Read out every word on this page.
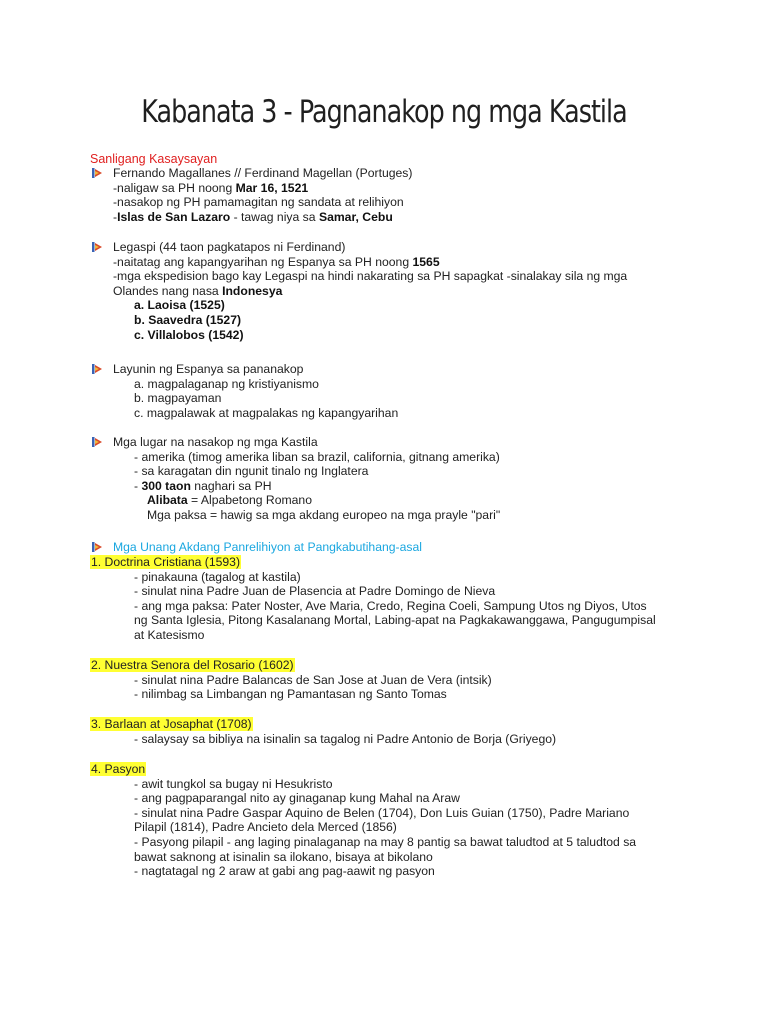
Kabanata 3 - Pagnanakop ng mga Kastila
Sanligang Kasaysayan
Fernando Magallanes // Ferdinand Magellan (Portuges)
-naligaw sa PH noong Mar 16, 1521
-nasakop ng PH pamamagitan ng sandata at relihiyon
-Islas de San Lazaro - tawag niya sa Samar, Cebu
Legaspi (44 taon pagkatapos ni Ferdinand)
-naitatag ang kapangyarihan ng Espanya sa PH noong 1565
-mga ekspedision bago kay Legaspi na hindi nakarating sa PH sapagkat -sinalakay sila ng mga
Olandes nang nasa Indonesya
a. Laoisa (1525)
b. Saavedra (1527)
c. Villalobos (1542)
Layunin ng Espanya sa pananakop
a. magpalaganap ng kristiyanismo
b. magpayaman
c. magpalawak at magpalakas ng kapangyarihan
Mga lugar na nasakop ng mga Kastila
- amerika (timog amerika liban sa brazil, california, gitnang amerika)
- sa karagatan din ngunit tinalo ng Inglatera
- 300 taon naghari sa PH
Alibata = Alpabetong Romano
Mga paksa = hawig sa mga akdang europeo na mga prayle "pari"
Mga Unang Akdang Panrelihiyon at Pangkabutihang-asal
1. Doctrina Cristiana (1593)
- pinakauna (tagalog at kastila)
- sinulat nina Padre Juan de Plasencia at Padre Domingo de Nieva
- ang mga paksa: Pater Noster, Ave Maria, Credo, Regina Coeli, Sampung Utos ng Diyos, Utos
ng Santa Iglesia, Pitong Kasalanang Mortal, Labing-apat na Pagkakawanggawa, Pangugumpisal
at Katesismo
2. Nuestra Senora del Rosario (1602)
- sinulat nina Padre Balancas de San Jose at Juan de Vera (intsik)
- nilimbag sa Limbangan ng Pamantasan ng Santo Tomas
3. Barlaan at Josaphat (1708)
- salaysay sa bibliya na isinalin sa tagalog ni Padre Antonio de Borja (Griyego)
4. Pasyon
- awit tungkol sa bugay ni Hesukristo
- ang pagpaparangal nito ay ginaganap kung Mahal na Araw
- sinulat nina Padre Gaspar Aquino de Belen (1704), Don Luis Guian (1750), Padre Mariano
Pilapil (1814), Padre Ancieto dela Merced (1856)
- Pasyong pilapil - ang laging pinalaganap na may 8 pantig sa bawat taludtod at 5 taludtod sa
bawat saknong at isinalin sa ilokano, bisaya at bikolano
- nagtatagal ng 2 araw at gabi ang pag-aawit ng pasyon
